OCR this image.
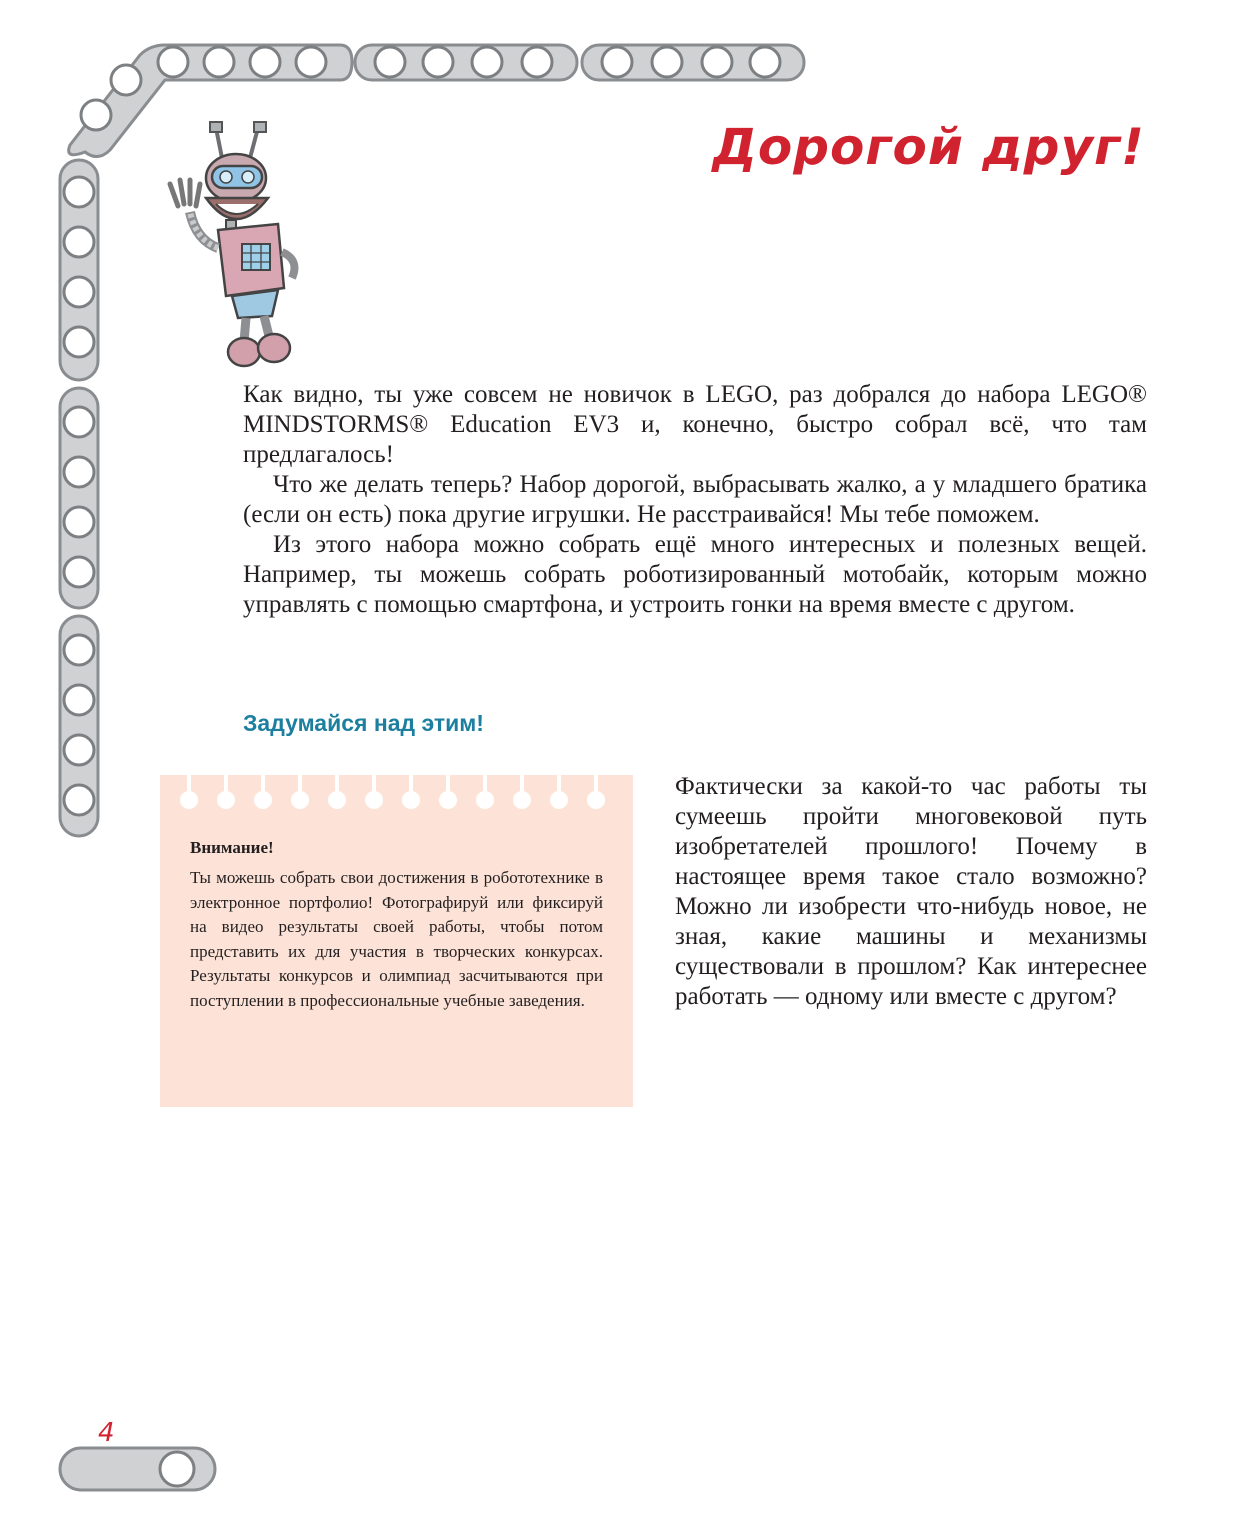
Дорогой друг!

Как видно, ты уже совсем не новичок в LEGO, раз добрался до набора LEGO® MINDSTORMS® Education EV3 и, конечно, быстро собрал всё, что там предлагалось!

Что же делать теперь? Набор дорогой, выбрасывать жалко, а у младшего братика (если он есть) пока другие игрушки. Не расстраивайся! Мы тебе поможем.

Из этого набора можно собрать ещё много интересных и полезных вещей. Например, ты можешь собрать роботизированный мотобайк, которым можно управлять с помощью смартфона, и устроить гонки на время вместе с другом.

Задумайся над этим!
Внимание!

Ты можешь собрать свои достижения в робототехнике в электронное портфолио! Фотографируй или фиксируй на видео результаты своей работы, чтобы потом представить их для участия в творческих конкурсах. Результаты конкурсов и олимпиад засчитываются при поступлении в профессиональные учебные заведения.

Фактически за какой-то час работы ты сумеешь пройти многовековой путь изобретателей прошлого! Почему в настоящее время такое стало возможно? Можно ли изобрести что-нибудь новое, не зная, какие машины и механизмы существовали в прошлом? Как интереснее работать — одному или вместе с другом?

4
